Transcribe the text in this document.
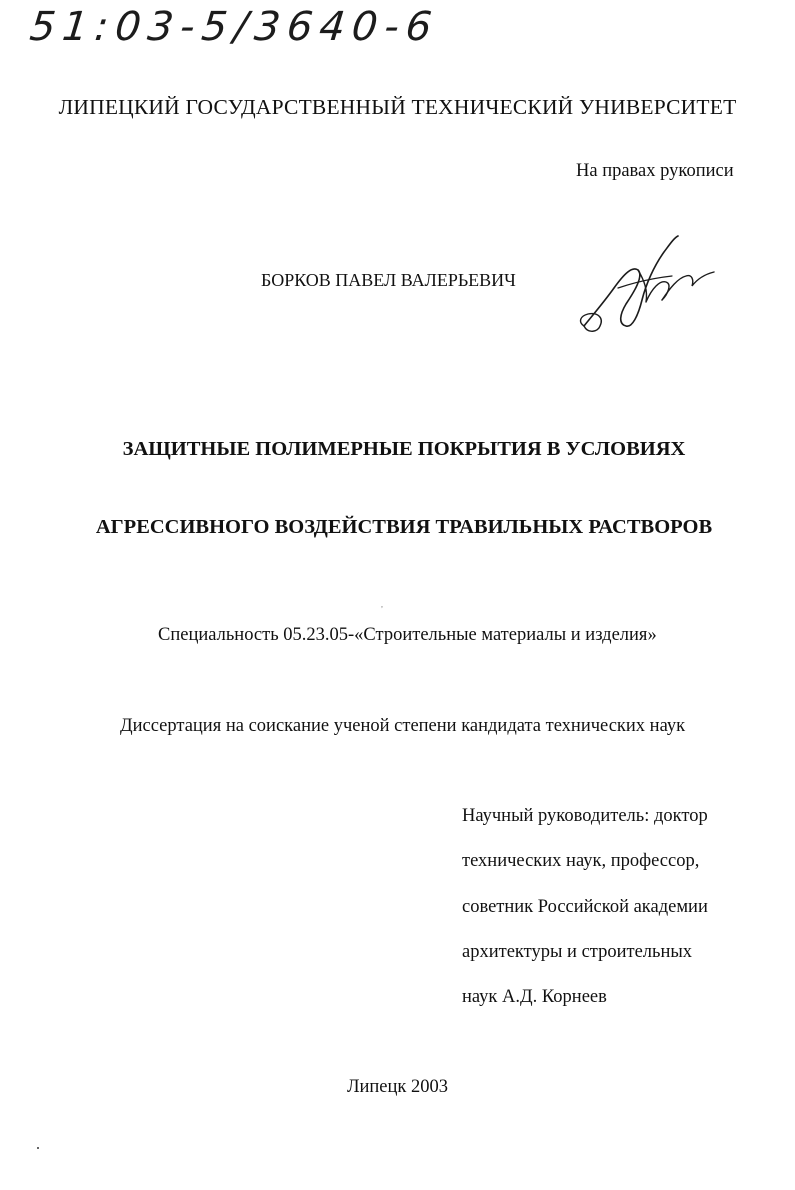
51:03-5/3640-6
ЛИПЕЦКИЙ ГОСУДАРСТВЕННЫЙ ТЕХНИЧЕСКИЙ УНИВЕРСИТЕТ
На правах рукописи
БОРКОВ ПАВЕЛ ВАЛЕРЬЕВИЧ
ЗАЩИТНЫЕ ПОЛИМЕРНЫЕ ПОКРЫТИЯ В УСЛОВИЯХ
АГРЕССИВНОГО ВОЗДЕЙСТВИЯ ТРАВИЛЬНЫХ РАСТВОРОВ
,
Специальность 05.23.05-«Строительные материалы и изделия»
Диссертация на соискание ученой степени кандидата технических наук
Научный руководитель: доктор
технических наук, профессор,
советник Российской академии
архитектуры и строительных
наук А.Д. Корнеев
Липецк 2003
